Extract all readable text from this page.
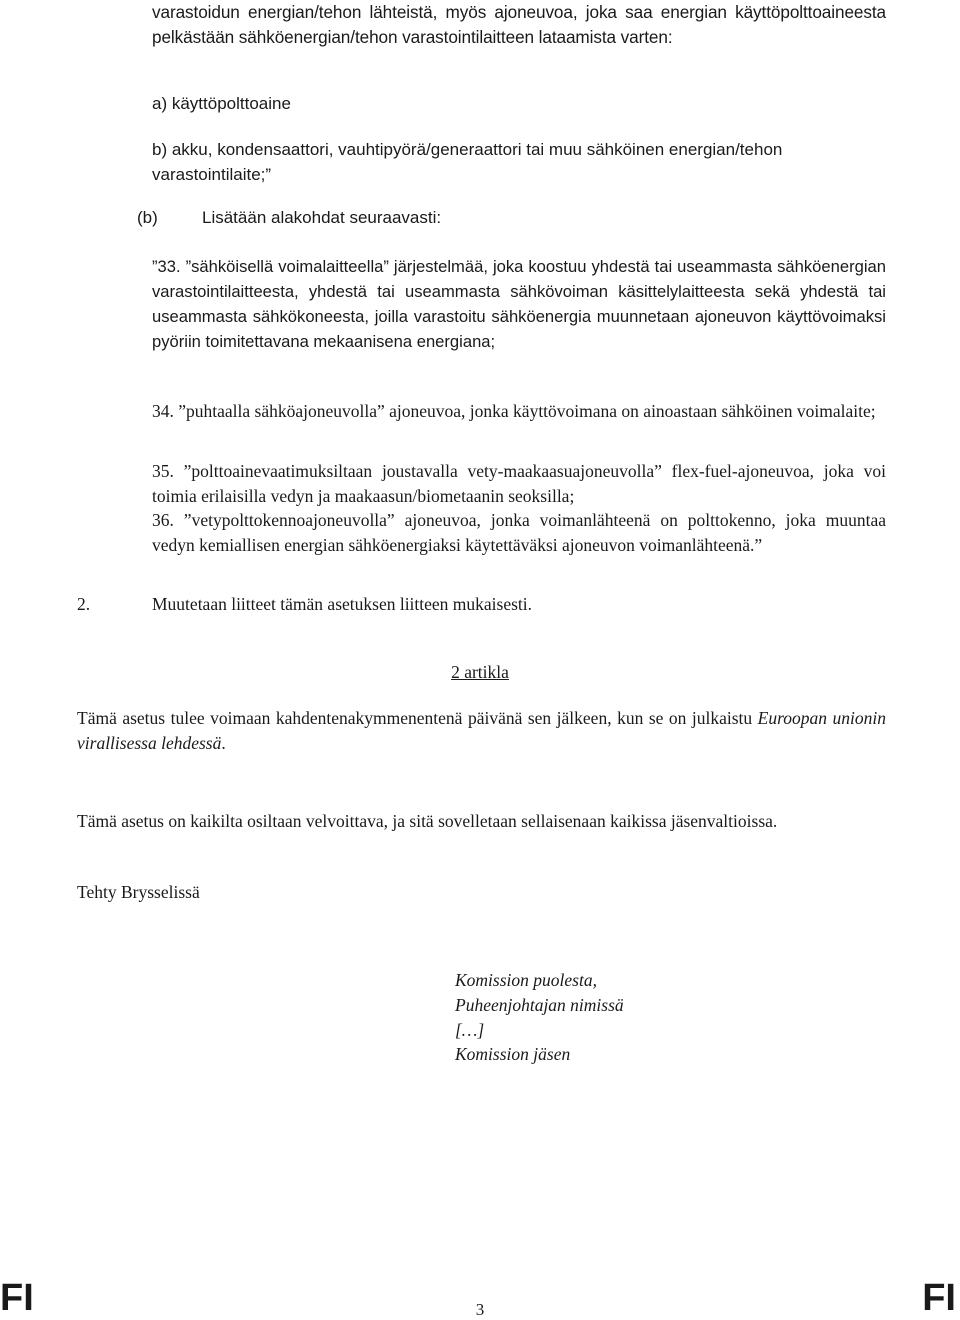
varastoidun energian/tehon lähteistä, myös ajoneuvoa, joka saa energian käyttöpolttoaineesta pelkästään sähköenergian/tehon varastointilaitteen lataamista varten:
a) käyttöpolttoaine
b) akku, kondensaattori, vauhtipyörä/generaattori tai muu sähköinen energian/tehon varastointilaite;”
(b)	Lisätään alakohdat seuraavasti:
”33. ”sähköisellä voimalaitteella” järjestelmää, joka koostuu yhdestä tai useammasta sähköenergian varastointilaitteesta, yhdestä tai useammasta sähkövoiman käsittelylaitteesta sekä yhdestä tai useammasta sähkökoneesta, joilla varastoitu sähköenergia muunnetaan ajoneuvon käyttövoimaksi pyöriin toimitettavana mekaanisena energiana;
34. ”puhtaalla sähköajoneuvolla” ajoneuvoa, jonka käyttövoimana on ainoastaan sähköinen voimalaite;
35. ”polttoainevaatimuksiltaan joustavalla vety-maakaasuajoneuvolla” flex-fuel-ajoneuvoa, joka voi toimia erilaisilla vedyn ja maakaasun/biometaanin seoksilla;
36. ”vetypolttokennoajoneuvolla” ajoneuvoa, jonka voimanlähteenä on polttokenno, joka muuntaa vedyn kemiallisen energian sähköenergiaksi käytettäväksi ajoneuvon voimanlähteenä.”
2.	Muutetaan liitteet tämän asetuksen liitteen mukaisesti.
2 artikla
Tämä asetus tulee voimaan kahdentenakymmenentenä päivänä sen jälkeen, kun se on julkaistu Euroopan unionin virallisessa lehdessä.
Tämä asetus on kaikilta osiltaan velvoittava, ja sitä sovelletaan sellaisenaan kaikissa jäsenvaltioissa.
Tehty Brysselissä
Komission puolesta,
Puheenjohtajan nimissä
[…]
Komission jäsen
FI	3	FI
